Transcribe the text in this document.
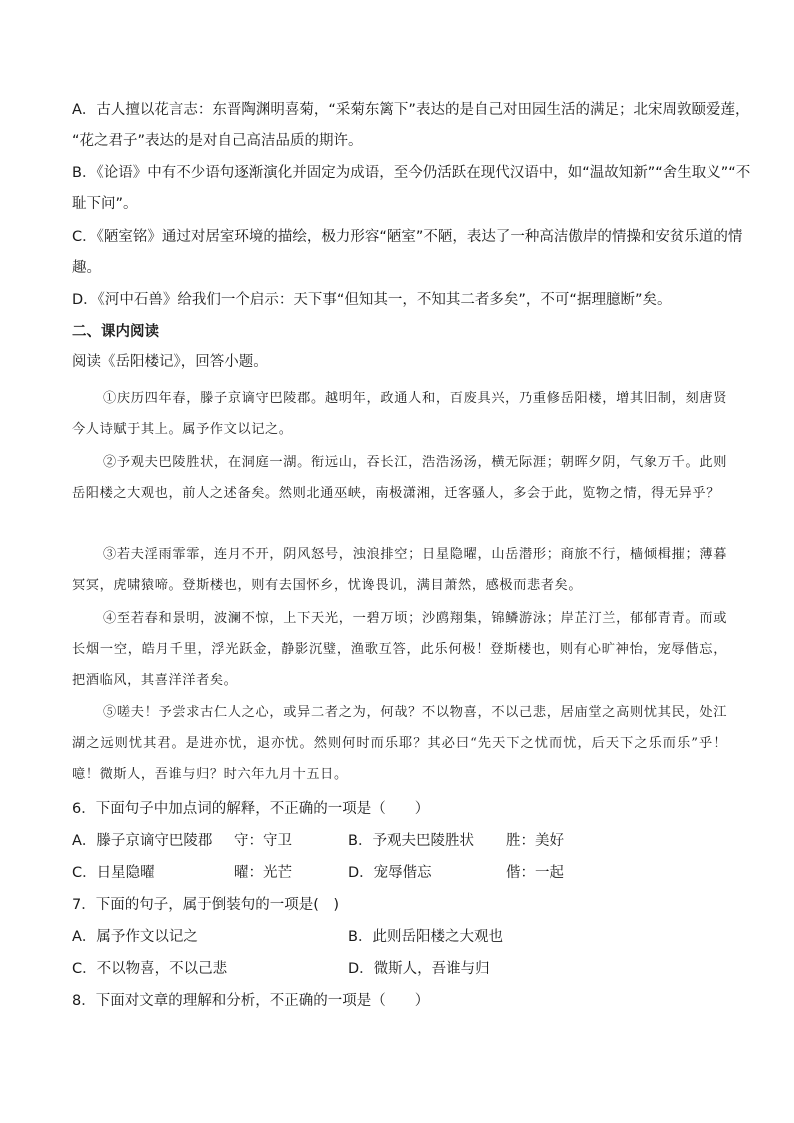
A．古人擅以花言志：东晋陶渊明喜菊，“采菊东篱下”表达的是自己对田园生活的满足；北宋周敦颐爱莲，
“花之君子”表达的是对自己高洁品质的期许。
B．《论语》中有不少语句逐渐演化并固定为成语，至今仍活跃在现代汉语中，如“温故知新”“舍生取义”“不
耻下问”。
C．《陋室铭》通过对居室环境的描绘，极力形容“陋室”不陋，表达了一种高洁傲岸的情操和安贫乐道的情
趣。
D．《河中石兽》给我们一个启示：天下事“但知其一，不知其二者多矣”，不可“据理臆断”矣。
二、课内阅读
阅读《岳阳楼记》，回答小题。
①庆历四年春，滕子京谪守巴陵郡。越明年，政通人和，百废具兴，乃重修岳阳楼，增其旧制，刻唐贤今人诗赋于其上。属予作文以记之。
②予观夫巴陵胜状，在洞庭一湖。衔远山，吞长江，浩浩汤汤，横无际涯；朝晖夕阴，气象万千。此则岳阳楼之大观也，前人之述备矣。然则北通巫峡，南极潇湘，迁客骚人，多会于此，览物之情，得无异乎？
③若夫淫雨霏霏，连月不开，阴风怒号，浊浪排空；日星隐曜，山岳潜形；商旅不行，樯倾楫摧；薄暮冥冥，虎啸猿啼。登斯楼也，则有去国怀乡，忧谗畏讥，满目萧然，感极而悲者矣。
④至若春和景明，波澜不惊，上下天光，一碧万顷；沙鸥翔集，锦鳞游泳；岸芷汀兰，郁郁青青。而或长烟一空，皓月千里，浮光跃金，静影沉璧，渔歌互答，此乐何极！登斯楼也，则有心旷神怡，宠辱偕忘，把酒临风，其喜洋洋者矣。
⑤嗟夫！予尝求古仁人之心，或异二者之为，何哉？不以物喜，不以己悲，居庙堂之高则忧其民，处江湖之远则忧其君。是进亦忧，退亦忧。然则何时而乐耶？其必曰“先天下之忧而忧，后天下之乐而乐”乎！噫！微斯人，吾谁与归？时六年九月十五日。
6．下面句子中加点词的解释，不正确的一项是（　　）
A．滕子京谪守巴陵郡 守：守卫	B．予观夫巴陵胜状 胜：美好
C．日星隐曜	曜：光芒	D．宠辱偕忘	偕：一起
7．下面的句子，属于倒装句的一项是(　)
A．属予作文以记之	B．此则岳阳楼之大观也
C．不以物喜，不以己悲	D．微斯人，吾谁与归
8．下面对文章的理解和分析，不正确的一项是（　　）
